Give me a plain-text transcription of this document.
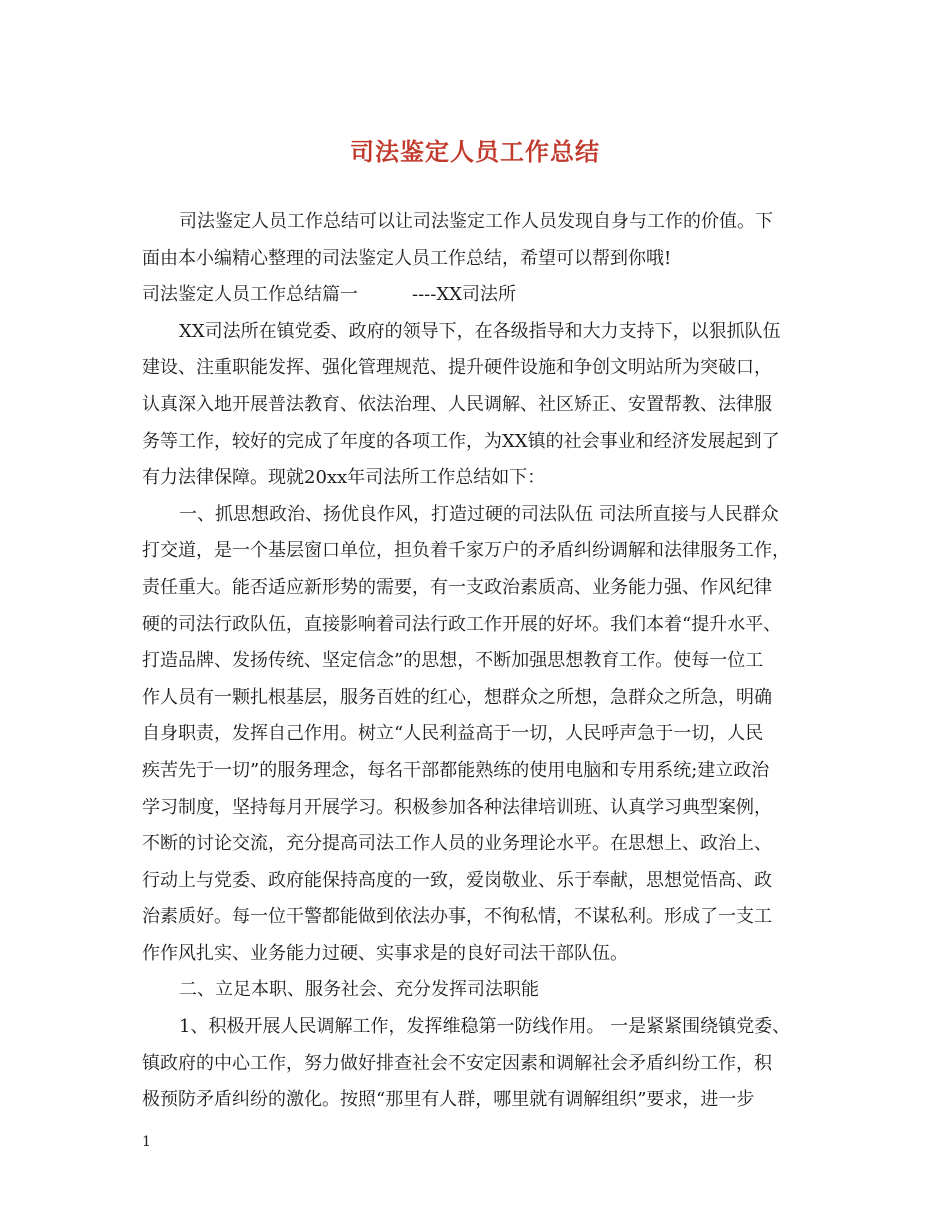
司法鉴定人员工作总结
司法鉴定人员工作总结可以让司法鉴定工作人员发现自身与工作的价值。下
面由本小编精心整理的司法鉴定人员工作总结，希望可以帮到你哦!
司法鉴定人员工作总结篇一　　　----XX司法所
XX司法所在镇党委、政府的领导下，在各级指导和大力支持下，以狠抓队伍
建设、注重职能发挥、强化管理规范、提升硬件设施和争创文明站所为突破口，
认真深入地开展普法教育、依法治理、人民调解、社区矫正、安置帮教、法律服
务等工作，较好的完成了年度的各项工作，为XX镇的社会事业和经济发展起到了
有力法律保障。现就20xx年司法所工作总结如下：
一、抓思想政治、扬优良作风，打造过硬的司法队伍 司法所直接与人民群众
打交道，是一个基层窗口单位，担负着千家万户的矛盾纠纷调解和法律服务工作，
责任重大。能否适应新形势的需要，有一支政治素质高、业务能力强、作风纪律
硬的司法行政队伍，直接影响着司法行政工作开展的好坏。我们本着“提升水平、
打造品牌、发扬传统、坚定信念”的思想，不断加强思想教育工作。使每一位工
作人员有一颗扎根基层，服务百姓的红心，想群众之所想，急群众之所急，明确
自身职责，发挥自己作用。树立“人民利益高于一切，人民呼声急于一切，人民
疾苦先于一切”的服务理念，每名干部都能熟练的使用电脑和专用系统;建立政治
学习制度，坚持每月开展学习。积极参加各种法律培训班、认真学习典型案例，
不断的讨论交流，充分提高司法工作人员的业务理论水平。在思想上、政治上、
行动上与党委、政府能保持高度的一致，爱岗敬业、乐于奉献，思想觉悟高、政
治素质好。每一位干警都能做到依法办事，不徇私情，不谋私利。形成了一支工
作作风扎实、业务能力过硬、实事求是的良好司法干部队伍。
二、立足本职、服务社会、充分发挥司法职能
1、积极开展人民调解工作，发挥维稳第一防线作用。 一是紧紧围绕镇党委、
镇政府的中心工作，努力做好排查社会不安定因素和调解社会矛盾纠纷工作，积
极预防矛盾纠纷的激化。按照“那里有人群，哪里就有调解组织”要求，进一步
1
